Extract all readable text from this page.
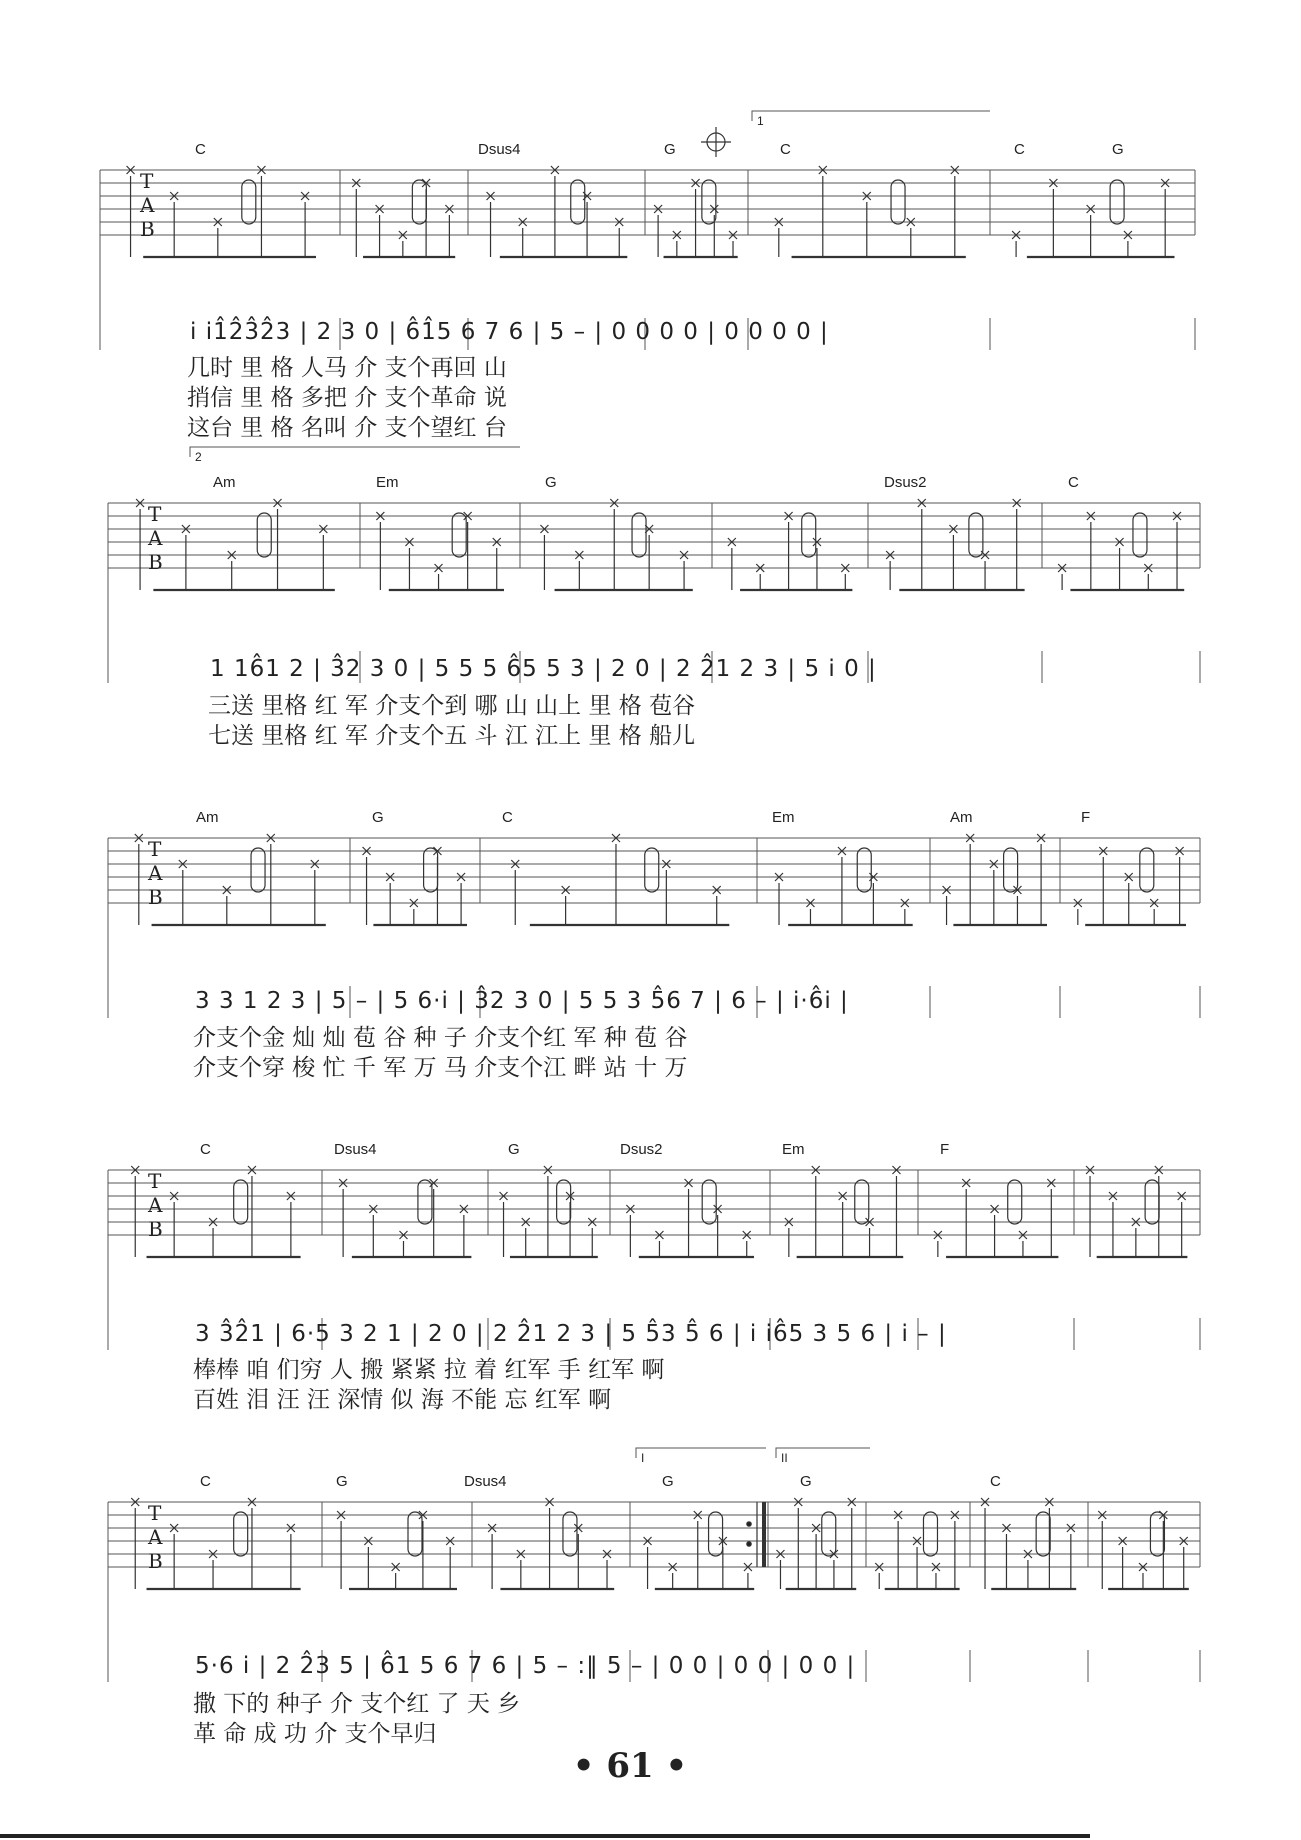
T
A
B
C	Dsus4	G	C	C	G
T
A
B
Am	Em	G	Dsus2	C
T
A
B
Am	G	C	Em	Am	F
T
A
B
C	Dsus4	G	Dsus2	Em	F
T
A
B
C	G	Dsus4	G	G	C
1
2
I	II
i i1̂2̂3̂2̂3 | 2 3 0 | 6̂1̂5 6 7 6 | 5 – | 0 0 0 0 | 0 0 0 0 |
几时 里 格 人马 介 支个再回 山
捎信 里 格 多把 介 支个革命 说
这台 里 格 名叫 介 支个望红 台
1 16̂1 2 | 3̂2 3 0 | 5 5 5 6̂5 5 3 | 2 0 | 2 2̂1 2 3 | 5 i 0 |
三送 里格 红 军 介支个到 哪 山 山上 里 格 苞谷
七送 里格 红 军 介支个五 斗 江 江上 里 格 船儿
3 3 1 2 3 | 5 – | 5 6·i | 3̂2 3 0 | 5 5 3 5̂6 7 | 6 – | i·6̂i |
介支个金 灿 灿 苞 谷 种 子 介支个红 军 种 苞 谷
介支个穿 梭 忙 千 军 万 马 介支个江 畔 站 十 万
3 3̂2̂1 | 6·5 3 2 1 | 2 0 | 2 2̂1 2 3 | 5 5̂3 5̂ 6 | i i6̂5 3 5 6 | i – |
棒棒 咱 们穷 人 搬 紧紧 拉 着 红军 手 红军 啊
百姓 泪 汪 汪 深情 似 海 不能 忘 红军 啊
5·6 i | 2 2̂3 5 | 6̂1 5 6 7 6 | 5 – :‖ 5 – | 0 0 | 0 0 | 0 0 |
撒 下的 种子 介 支个红 了 天 乡
革 命 成 功 介 支个早归
• 61 •
